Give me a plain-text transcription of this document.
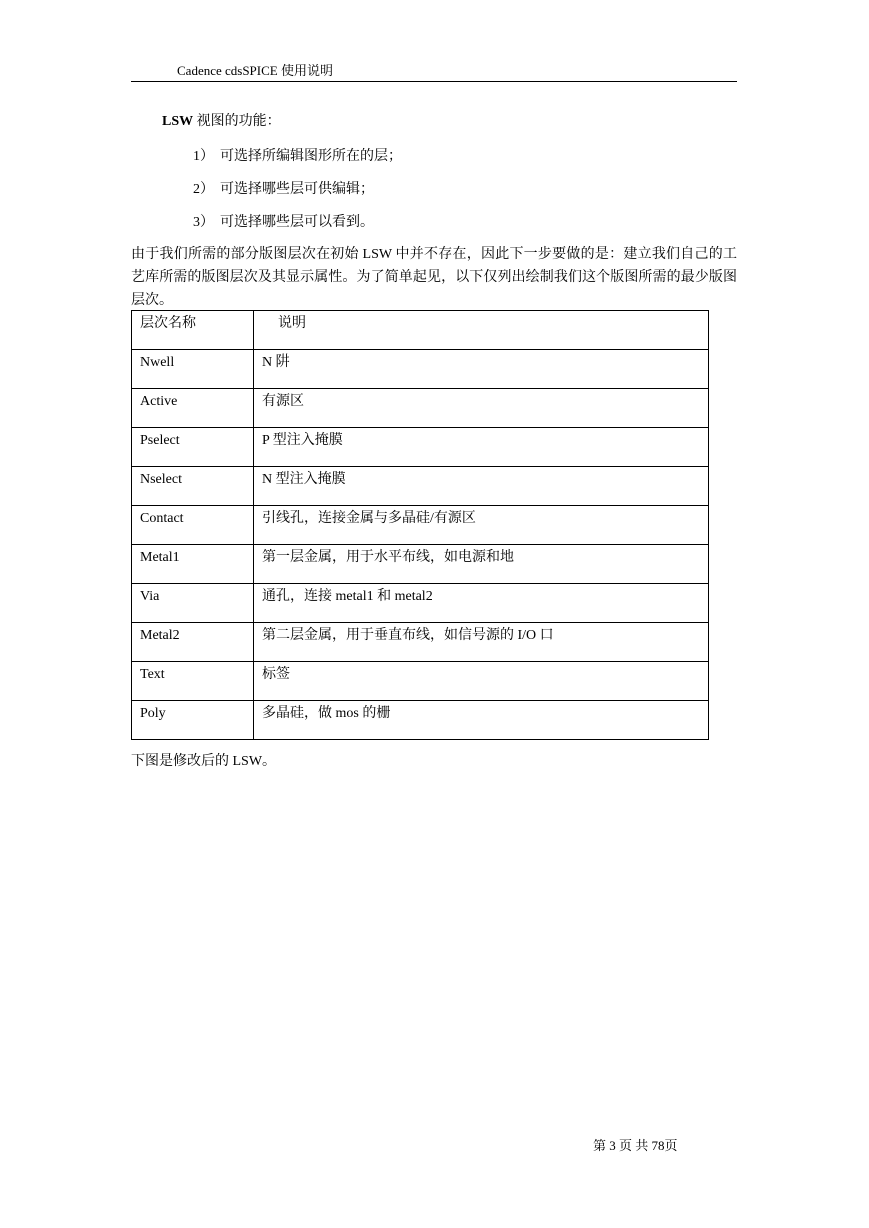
Cadence cdsSPICE 使用说明
LSW 视图的功能：
1） 可选择所编辑图形所在的层；
2） 可选择哪些层可供编辑；
3） 可选择哪些层可以看到。
由于我们所需的部分版图层次在初始 LSW 中并不存在，因此下一步要做的是：建立我们自己的工艺库所需的版图层次及其显示属性。为了简单起见，以下仅列出绘制我们这个版图所需的最少版图层次。
层次名称	说明
Nwell	N 阱
Active	有源区
Pselect	P 型注入掩膜
Nselect	N 型注入掩膜
Contact	引线孔，连接金属与多晶硅/有源区
Metal1	第一层金属，用于水平布线，如电源和地
Via	通孔，连接 metal1 和 metal2
Metal2	第二层金属，用于垂直布线，如信号源的 I/O 口
Text	标签
Poly	多晶硅，做 mos 的栅
下图是修改后的 LSW。
第 3 页 共 78页
